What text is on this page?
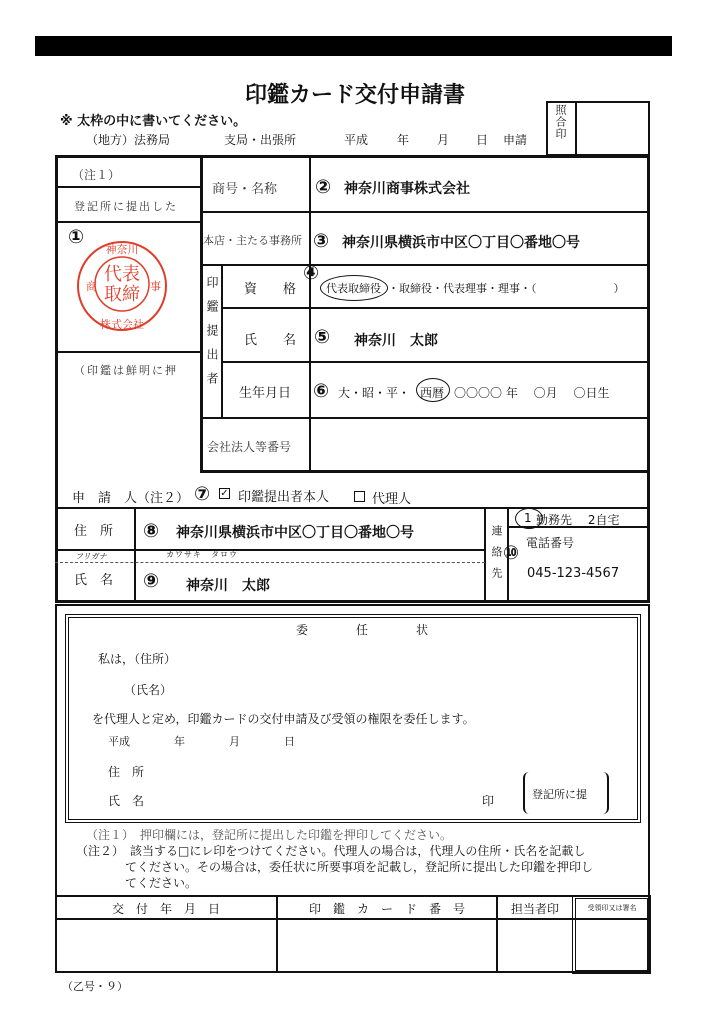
印鑑カード交付申請書
※ 太枠の中に書いてください。
（地方）法務局	支局・出張所	平成 年 月 日 申請 照合印
（注１）
登記所に提出した
①
代表
取締
神奈川
株式会社
商	事
（印鑑は鮮明に押
商号・名称 ② 神奈川商事株式会社
本店・主たる事務所 ③ 神奈川県横浜市中区〇丁目〇番地〇号
印鑑提出者 資　　格
④
代表取締役 ・取締役・代表理事・理事・（　　　　　　　）
氏　　名 ⑤ 神奈川　太郎
生年月日 ⑥ 大・昭・平・ 西暦 〇〇〇〇 年　 〇月　 〇日生
会社法人等番号
申　請　人（注２） ⑦ ✓ 印鑑提出者本人	代理人
住　所 ⑧ 神奈川県横浜市中区〇丁目〇番地〇号
フリガナ	カワサキ　タロウ
氏　名 ⑨ 神奈川　太郎	連絡先
1 勤務先　 2自宅
電話番号
⑩
045-123-4567
委　　　　任　　　　状
私は，（住所）
（氏名）
を代理人と定め，印鑑カードの交付申請及び受領の権限を委任します。
平成　　　　年　　　　月　　　　日
住　所
氏　名	印	登記所に提
（注１）　押印欄には，登記所に提出した印鑑を押印してください。
（注２）　該当する□にレ印をつけてください。代理人の場合は，代理人の住所・氏名を記載し
てください。その場合は，委任状に所要事項を記載し，登記所に提出した印鑑を押印し
てください。
交　付　年　月　日	印　鑑　カ　ー　ド　番　号	担当者印	受領印又は署名
（乙号・９）
